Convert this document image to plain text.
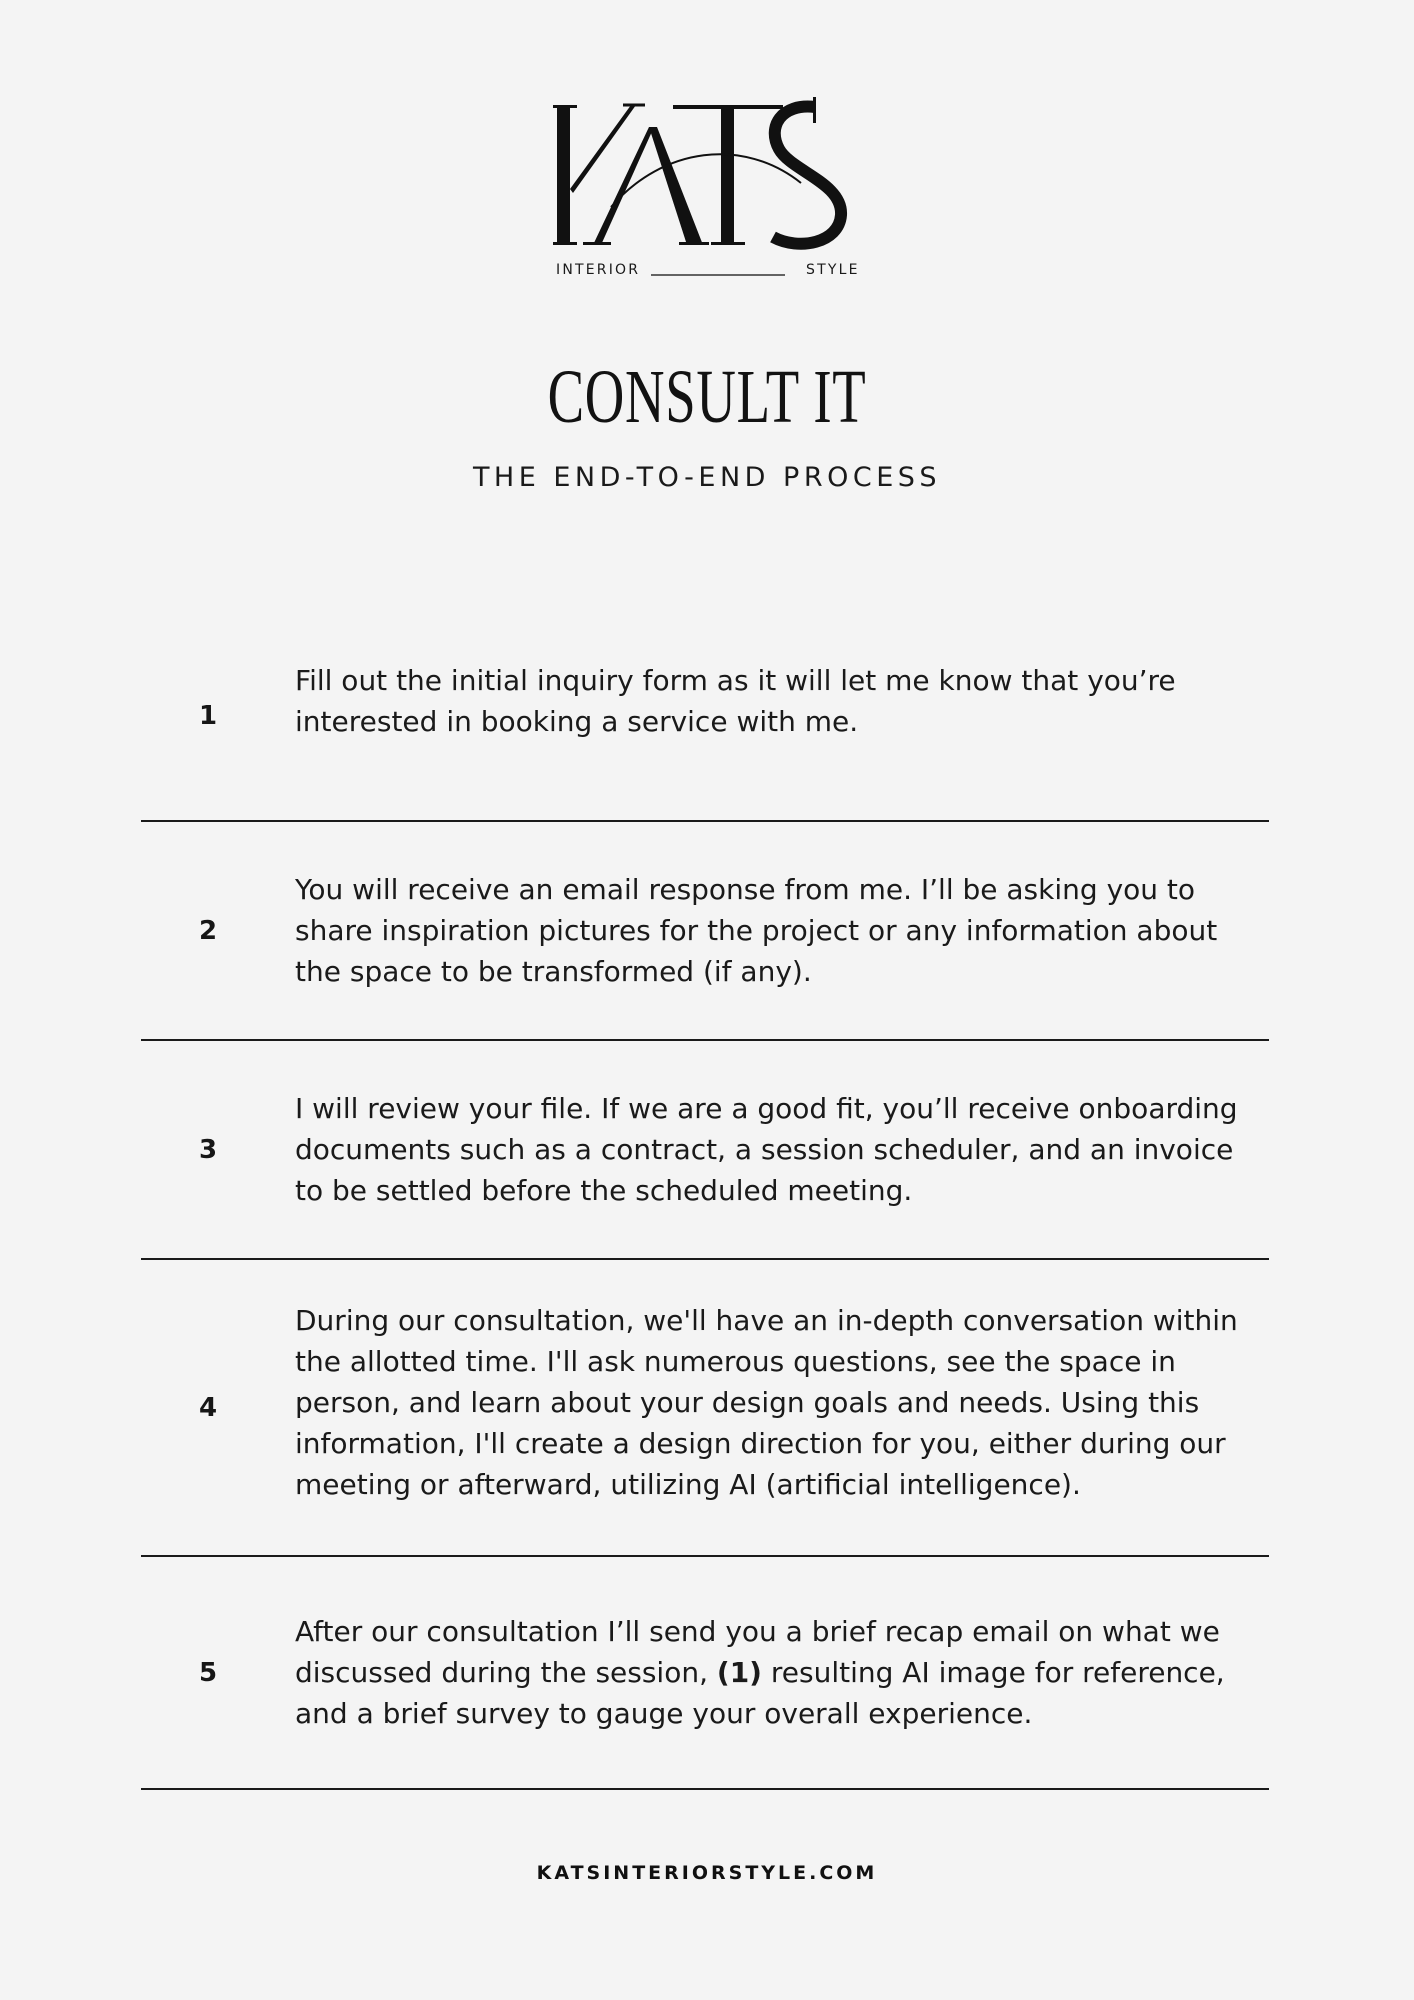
INTERIOR	STYLE
CONSULT IT
THE END-TO-END PROCESS
1
Fill out the initial inquiry form as it will let me know that you’re interested in booking a service with me.
2
You will receive an email response from me. I’ll be asking you to share inspiration pictures for the project or any information about the space to be transformed (if any).
3
I will review your file. If we are a good fit, you’ll receive onboarding documents such as a contract, a session scheduler, and an invoice to be settled before the scheduled meeting.
4
During our consultation, we'll have an in-depth conversation within the allotted time. I'll ask numerous questions, see the space in person, and learn about your design goals and needs. Using this information, I'll create a design direction for you, either during our meeting or afterward, utilizing AI (artificial intelligence).
5
After our consultation I’ll send you a brief recap email on what we discussed during the session, (1) resulting AI image for reference, and a brief survey to gauge your overall experience.
KATSINTERIORSTYLE.COM
